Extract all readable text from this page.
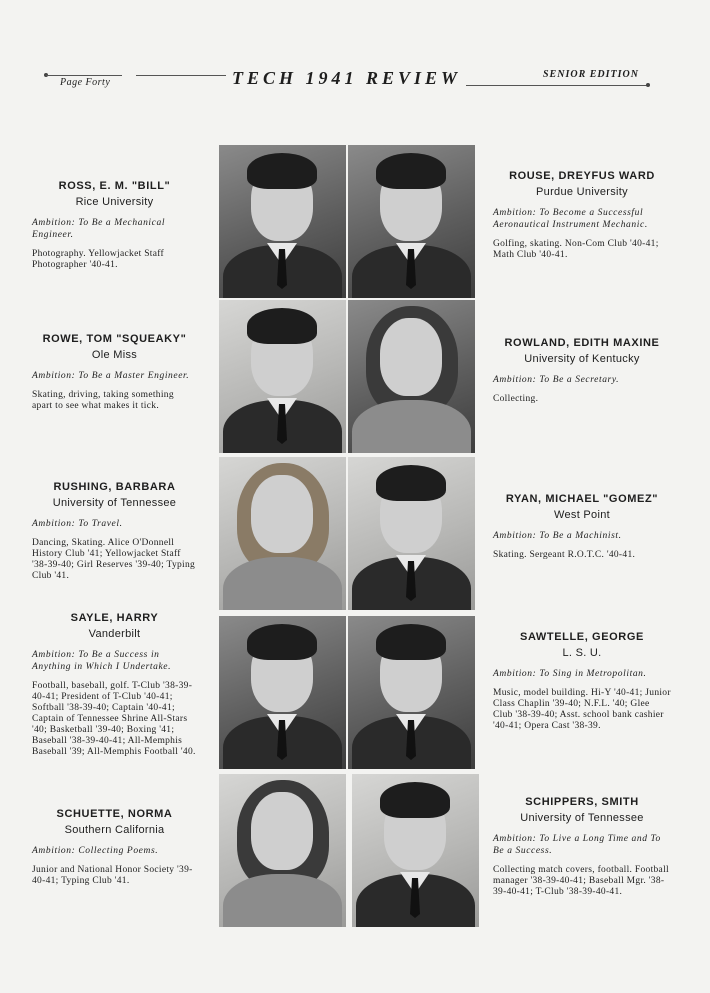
Page Forty	TECH 1941 REVIEW	SENIOR EDITION
ROSS, E. M. "BILL"
Rice University
Ambition: To Be a Mechanical Engineer.
Photography. Yellowjacket Staff Photographer '40-41.
ROUSE, DREYFUS WARD
Purdue University
Ambition: To Become a Successful Aeronautical Instrument Mechanic.
Golfing, skating. Non-Com Club '40-41; Math Club '40-41.
ROWE, TOM "SQUEAKY"
Ole Miss
Ambition: To Be a Master Engineer.
Skating, driving, taking something apart to see what makes it tick.
ROWLAND, EDITH MAXINE
University of Kentucky
Ambition: To Be a Secretary.
Collecting.
RUSHING, BARBARA
University of Tennessee
Ambition: To Travel.
Dancing, Skating. Alice O'Donnell History Club '41; Yellowjacket Staff '38-39-40; Girl Reserves '39-40; Typing Club '41.
RYAN, MICHAEL "GOMEZ"
West Point
Ambition: To Be a Machinist.
Skating. Sergeant R.O.T.C. '40-41.
SAYLE, HARRY
Vanderbilt
Ambition: To Be a Success in Anything in Which I Undertake.
Football, baseball, golf. T-Club '38-39-40-41; President of T-Club '40-41; Softball '38-39-40; Captain '40-41; Captain of Tennessee Shrine All-Stars '40; Basketball '39-40; Boxing '41; Baseball '38-39-40-41; All-Memphis Baseball '39; All-Memphis Football '40.
SAWTELLE, GEORGE
L. S. U.
Ambition: To Sing in Metropolitan.
Music, model building. Hi-Y '40-41; Junior Class Chaplin '39-40; N.F.L. '40; Glee Club '38-39-40; Asst. school bank cashier '40-41; Opera Cast '38-39.
SCHUETTE, NORMA
Southern California
Ambition: Collecting Poems.
Junior and National Honor Society '39-40-41; Typing Club '41.
SCHIPPERS, SMITH
University of Tennessee
Ambition: To Live a Long Time and To Be a Success.
Collecting match covers, football. Football manager '38-39-40-41; Baseball Mgr. '38-39-40-41; T-Club '38-39-40-41.
